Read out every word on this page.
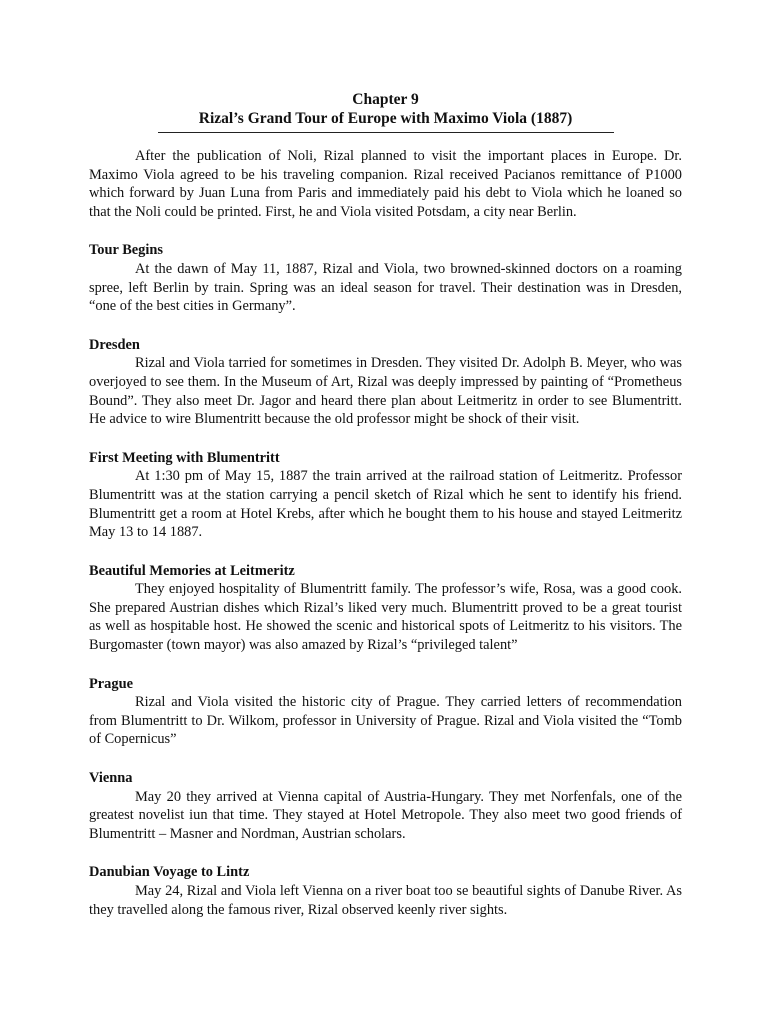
Chapter 9
Rizal’s Grand Tour of Europe with Maximo Viola (1887)

After the publication of Noli, Rizal planned to visit the important places in Europe. Dr. Maximo Viola agreed to be his traveling companion. Rizal received Pacianos remittance of P1000 which forward by Juan Luna from Paris and immediately paid his debt to Viola which he loaned so that the Noli could be printed. First, he and Viola visited Potsdam, a city near Berlin.

Tour Begins

At the dawn of May 11, 1887, Rizal and Viola, two browned-skinned doctors on a roaming spree, left Berlin by train. Spring was an ideal season for travel. Their destination was in Dresden, “one of the best cities in Germany”.

Dresden

Rizal and Viola tarried for sometimes in Dresden. They visited Dr. Adolph B. Meyer, who was overjoyed to see them. In the Museum of Art, Rizal was deeply impressed by painting of “Prometheus Bound”. They also meet Dr. Jagor and heard there plan about Leitmeritz in order to see Blumentritt. He advice to wire Blumentritt because the old professor might be shock of their visit.

First Meeting with Blumentritt

At 1:30 pm of May 15, 1887 the train arrived at the railroad station of Leitmeritz. Professor Blumentritt was at the station carrying a pencil sketch of Rizal which he sent to identify his friend. Blumentritt get a room at Hotel Krebs, after which he bought them to his house and stayed Leitmeritz May 13 to 14 1887.

Beautiful Memories at Leitmeritz

They enjoyed hospitality of Blumentritt family. The professor’s wife, Rosa, was a good cook. She prepared Austrian dishes which Rizal’s liked very much. Blumentritt proved to be a great tourist as well as hospitable host. He showed the scenic and historical spots of Leitmeritz to his visitors. The Burgomaster (town mayor) was also amazed by Rizal’s “privileged talent”

Prague

Rizal and Viola visited the historic city of Prague. They carried letters of recommendation from Blumentritt to Dr. Wilkom, professor in University of Prague. Rizal and Viola visited the “Tomb of Copernicus”

Vienna

May 20 they arrived at Vienna capital of Austria-Hungary. They met Norfenfals, one of the greatest novelist iun that time. They stayed at Hotel Metropole. They also meet two good friends of Blumentritt – Masner and Nordman, Austrian scholars.

Danubian Voyage to Lintz

May 24, Rizal and Viola left Vienna on a river boat too se beautiful sights of Danube River. As they travelled along the famous river, Rizal observed keenly river sights.
